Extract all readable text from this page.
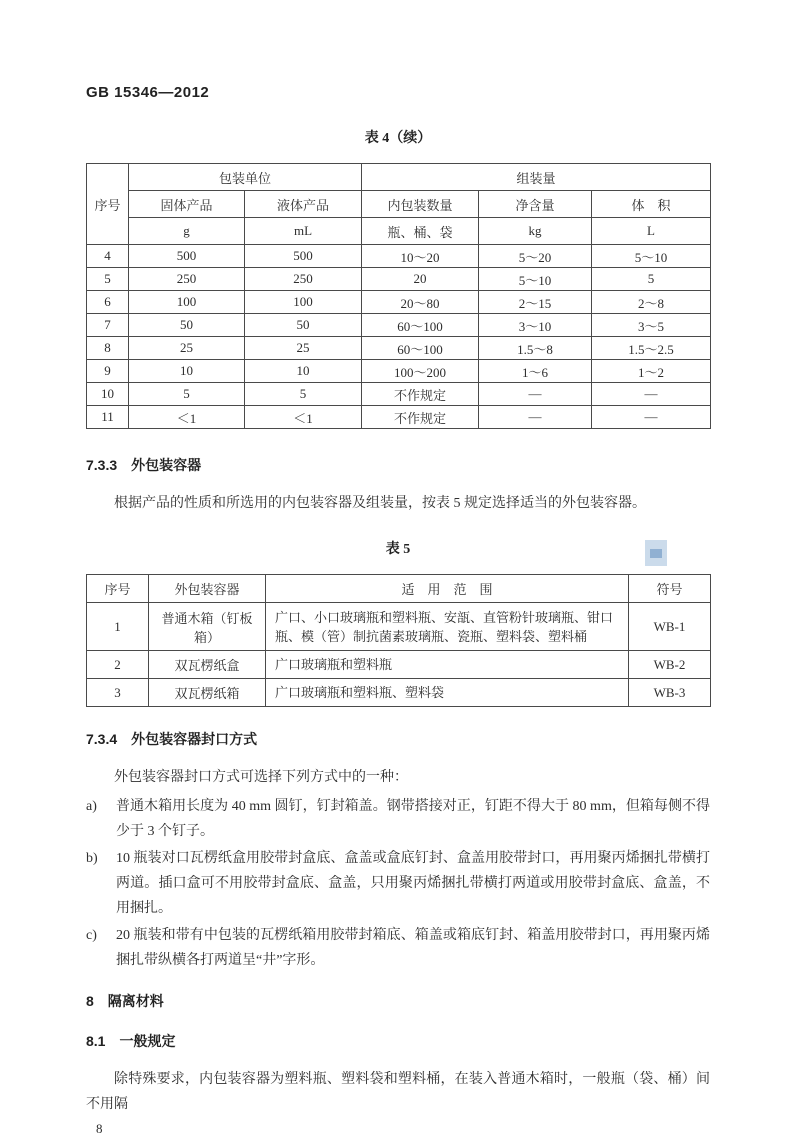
GB 15346—2012
表 4（续）
序号	包装单位		组装量		
	固体产品	液体产品	内包装数量	净含量	体　积
	g	mL	瓶、桶、袋	kg	L
4	500	500	10～20	5～20	5～10
5	250	250	20	5～10	5
6	100	100	20～80	2～15	2～8
7	50	50	60～100	3～10	3～5
8	25	25	60～100	1.5～8	1.5～2.5
9	10	10	100～200	1～6	1～2
10	5	5	不作规定	—	—
11	＜1	＜1	不作规定	—	—
7.3.3　外包装容器
根据产品的性质和所选用的内包装容器及组装量，按表 5 规定选择适当的外包装容器。
表 5
序号	外包装容器	适　用　范　围	符号
1	普通木箱（钉板箱）	广口、小口玻璃瓶和塑料瓶、安瓿、直管粉针玻璃瓶、钳口瓶、模（管）制抗菌素玻璃瓶、瓷瓶、塑料袋、塑料桶	WB-1
2	双瓦楞纸盒	广口玻璃瓶和塑料瓶	WB-2
3	双瓦楞纸箱	广口玻璃瓶和塑料瓶、塑料袋	WB-3
7.3.4　外包装容器封口方式
外包装容器封口方式可选择下列方式中的一种：
a)	普通木箱用长度为 40 mm 圆钉，钉封箱盖。钢带搭接对正，钉距不得大于 80 mm，但箱每侧不得少于 3 个钉子。
b)	10 瓶装对口瓦楞纸盒用胶带封盒底、盒盖或盒底钉封、盒盖用胶带封口，再用聚丙烯捆扎带横打两道。插口盒可不用胶带封盒底、盒盖，只用聚丙烯捆扎带横打两道或用胶带封盒底、盒盖，不用捆扎。
c)	20 瓶装和带有中包装的瓦楞纸箱用胶带封箱底、箱盖或箱底钉封、箱盖用胶带封口，再用聚丙烯捆扎带纵横各打两道呈“井”字形。
8　隔离材料
8.1　一般规定
除特殊要求，内包装容器为塑料瓶、塑料袋和塑料桶，在装入普通木箱时，一般瓶（袋、桶）间不用隔
8
